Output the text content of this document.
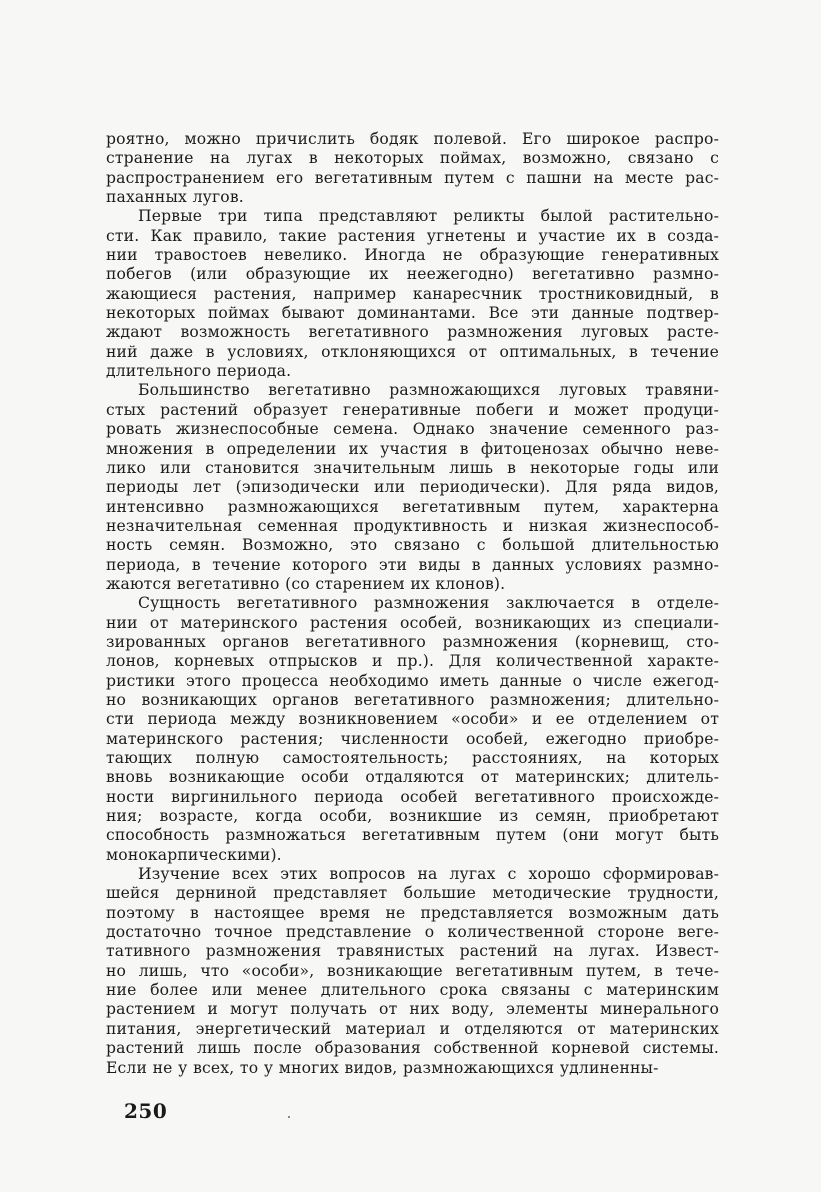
роятно, можно причислить бодяк полевой. Его широкое распро-
странение на лугах в некоторых поймах, возможно, связано с
распространением его вегетативным путем с пашни на месте рас-
паханных лугов.
Первые три типа представляют реликты былой растительно-
сти. Как правило, такие растения угнетены и участие их в созда-
нии травостоев невелико. Иногда не образующие генеративных
побегов (или образующие их неежегодно) вегетативно размно-
жающиеся растения, например канаресчник тростниковидный, в
некоторых поймах бывают доминантами. Все эти данные подтвер-
ждают возможность вегетативного размножения луговых расте-
ний даже в условиях, отклоняющихся от оптимальных, в течение
длительного периода.
Большинство вегетативно размножающихся луговых травяни-
стых растений образует генеративные побеги и может продуци-
ровать жизнеспособные семена. Однако значение семенного раз-
множения в определении их участия в фитоценозах обычно неве-
лико или становится значительным лишь в некоторые годы или
периоды лет (эпизодически или периодически). Для ряда видов,
интенсивно размножающихся вегетативным путем, характерна
незначительная семенная продуктивность и низкая жизнеспособ-
ность семян. Возможно, это связано с большой длительностью
периода, в течение которого эти виды в данных условиях размно-
жаются вегетативно (со старением их клонов).
Сущность вегетативного размножения заключается в отделе-
нии от материнского растения особей, возникающих из специали-
зированных органов вегетативного размножения (корневищ, сто-
лонов, корневых отпрысков и пр.). Для количественной характе-
ристики этого процесса необходимо иметь данные о числе ежегод-
но возникающих органов вегетативного размножения; длительно-
сти периода между возникновением «особи» и ее отделением от
материнского растения; численности особей, ежегодно приобре-
тающих полную самостоятельность; расстояниях, на которых
вновь возникающие особи отдаляются от материнских; длитель-
ности виргинильного периода особей вегетативного происхожде-
ния; возрасте, когда особи, возникшие из семян, приобретают
способность размножаться вегетативным путем (они могут быть
монокарпическими).
Изучение всех этих вопросов на лугах с хорошо сформировав-
шейся дерниной представляет большие методические трудности,
поэтому в настоящее время не представляется возможным дать
достаточно точное представление о количественной стороне веге-
тативного размножения травянистых растений на лугах. Извест-
но лишь, что «особи», возникающие вегетативным путем, в тече-
ние более или менее длительного срока связаны с материнским
растением и могут получать от них воду, элементы минерального
питания, энергетический материал и отделяются от материнских
растений лишь после образования собственной корневой системы.
Если не у всех, то у многих видов, размножающихся удлиненны-
250
